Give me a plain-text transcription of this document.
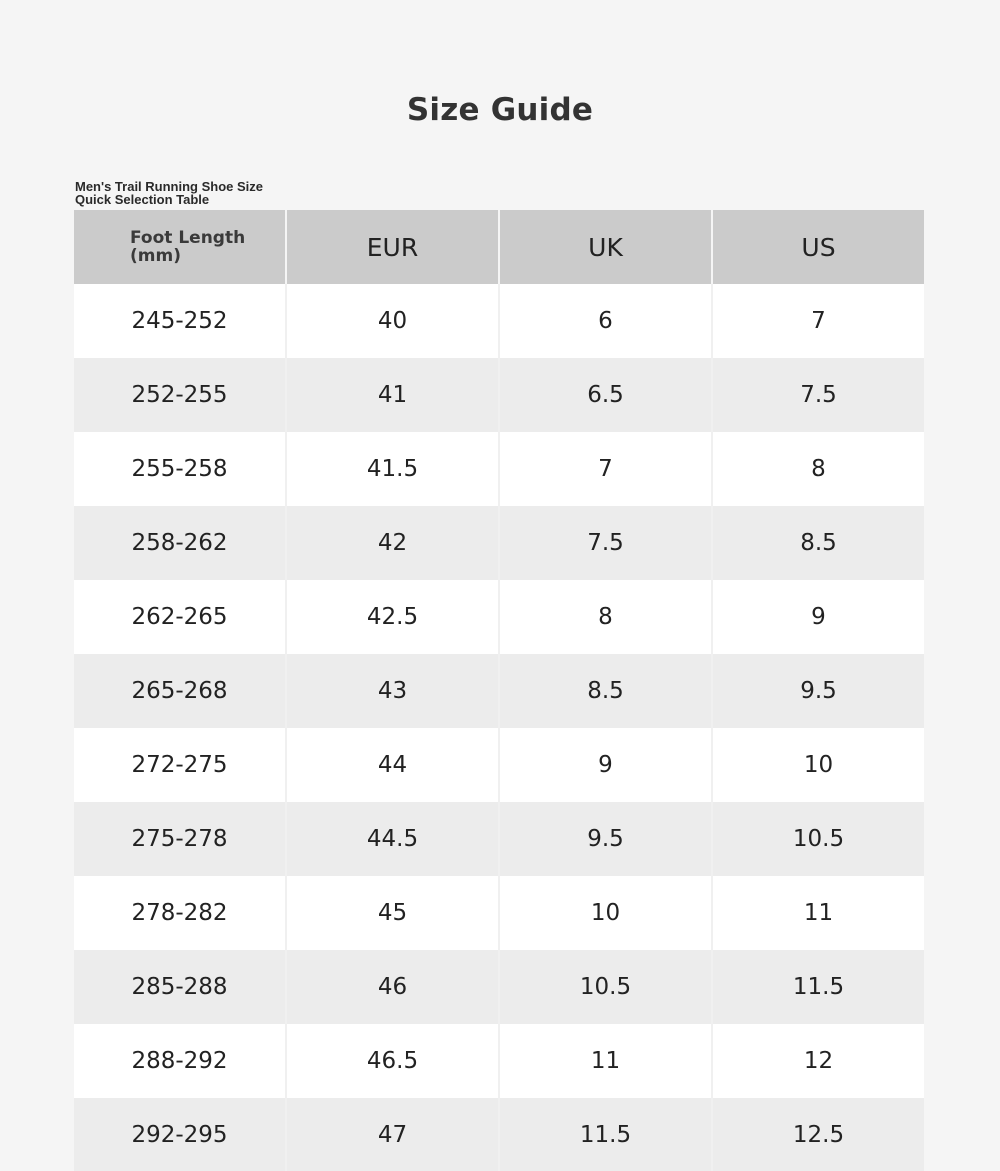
Size Guide
Men's Trail Running Shoe Size
Quick Selection Table
Foot Length
(mm)	EUR	UK	US
245-252	40	6	7
252-255	41	6.5	7.5
255-258	41.5	7	8
258-262	42	7.5	8.5
262-265	42.5	8	9
265-268	43	8.5	9.5
272-275	44	9	10
275-278	44.5	9.5	10.5
278-282	45	10	11
285-288	46	10.5	11.5
288-292	46.5	11	12
292-295	47	11.5	12.5
